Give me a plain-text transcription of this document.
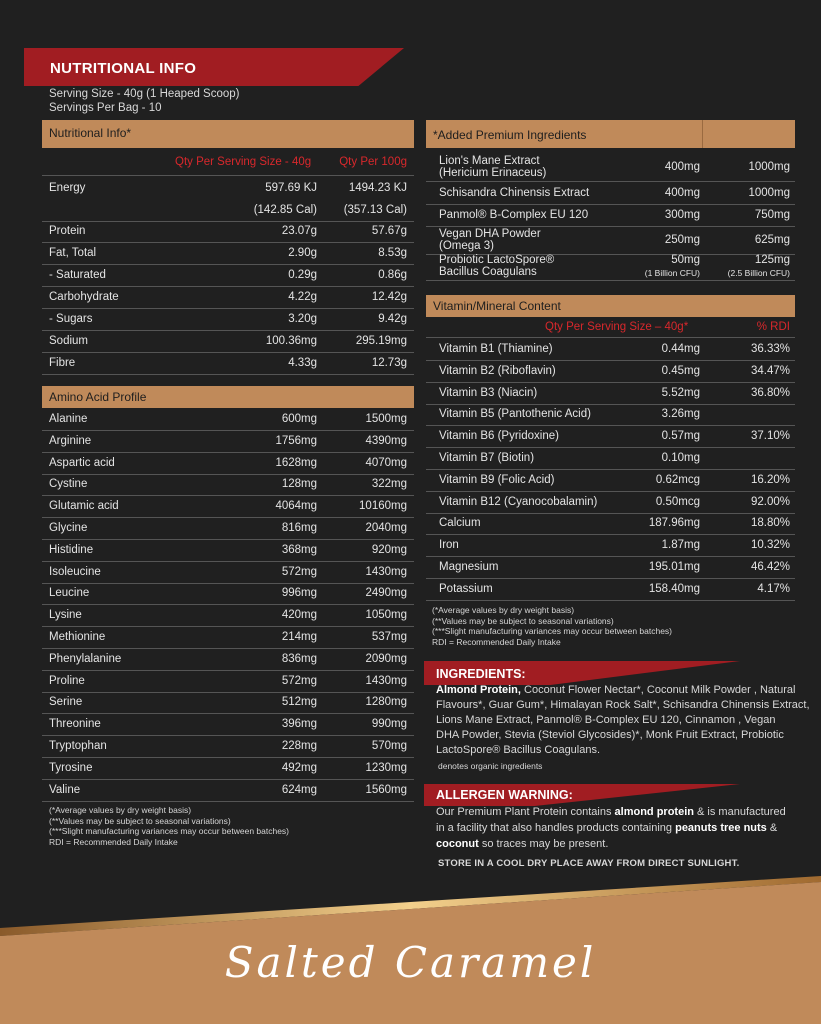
NUTRITIONAL INFO
Serving Size - 40g (1 Heaped Scoop)
Servings Per Bag - 10
Nutritional Info*
Qty Per Serving Size - 40g Qty Per 100g
Energy	597.69 KJ	1494.23 KJ
(142.85 Cal) (357.13 Cal)
Protein	23.07g	57.67g
Fat, Total	2.90g	8.53g
- Saturated	0.29g	0.86g
Carbohydrate	4.22g	12.42g
- Sugars	3.20g	9.42g
Sodium	100.36mg	295.19mg
Fibre	4.33g	12.73g
Amino Acid Profile
Alanine	600mg	1500mg
Arginine	1756mg	4390mg
Aspartic acid	1628mg	4070mg
Cystine	128mg	322mg
Glutamic acid	4064mg	10160mg
Glycine	816mg	2040mg
Histidine	368mg	920mg
Isoleucine	572mg	1430mg
Leucine	996mg	2490mg
Lysine	420mg	1050mg
Methionine	214mg	537mg
Phenylalanine	836mg	2090mg
Proline	572mg	1430mg
Serine	512mg	1280mg
Threonine	396mg	990mg
Tryptophan	228mg	570mg
Tyrosine	492mg	1230mg
Valine	624mg	1560mg
(*Average values by dry weight basis)
(**Values may be subject to seasonal variations)
(***Slight manufacturing variances may occur between batches)
RDI = Recommended Daily Intake
*Added Premium Ingredients
Lion's Mane Extract
(Hericium Erinaceus)	400mg	1000mg
Schisandra Chinensis Extract	400mg	1000mg
Panmol® B-Complex EU 120	300mg	750mg
Vegan DHA Powder
(Omega 3)	250mg	625mg
Probiotic LactoSpore®
Bacillus Coagulans
50mg	125mg
(1 Billion CFU)	(2.5 Billion CFU)
Vitamin/Mineral Content
Qty Per Serving Size – 40g*	% RDI
Vitamin B1 (Thiamine)	0.44mg	36.33%
Vitamin B2 (Riboflavin)	0.45mg	34.47%
Vitamin B3 (Niacin)	5.52mg	36.80%
Vitamin B5 (Pantothenic Acid)	3.26mg
Vitamin B6 (Pyridoxine)	0.57mg	37.10%
Vitamin B7 (Biotin)	0.10mg
Vitamin B9 (Folic Acid)	0.62mcg	16.20%
Vitamin B12 (Cyanocobalamin)	0.50mcg	92.00%
Calcium	187.96mg	18.80%
Iron	1.87mg	10.32%
Magnesium	195.01mg	46.42%
Potassium	158.40mg	4.17%
(*Average values by dry weight basis)
(**Values may be subject to seasonal variations)
(***Slight manufacturing variances may occur between batches)
RDI = Recommended Daily Intake
INGREDIENTS:
Almond Protein, Coconut Flower Nectar*, Coconut Milk Powder , Natural
Flavours*, Guar Gum*, Himalayan Rock Salt*, Schisandra Chinensis Extract,
Lions Mane Extract, Panmol® B-Complex EU 120, Cinnamon , Vegan
DHA Powder, Stevia (Steviol Glycosides)*, Monk Fruit Extract, Probiotic
LactoSpore® Bacillus Coagulans.
denotes organic ingredients
ALLERGEN WARNING:
Our Premium Plant Protein contains almond protein & is manufactured
in a facility that also handles products containing peanuts tree nuts &
coconut so traces may be present.
STORE IN A COOL DRY PLACE AWAY FROM DIRECT SUNLIGHT.
Salted Caramel
